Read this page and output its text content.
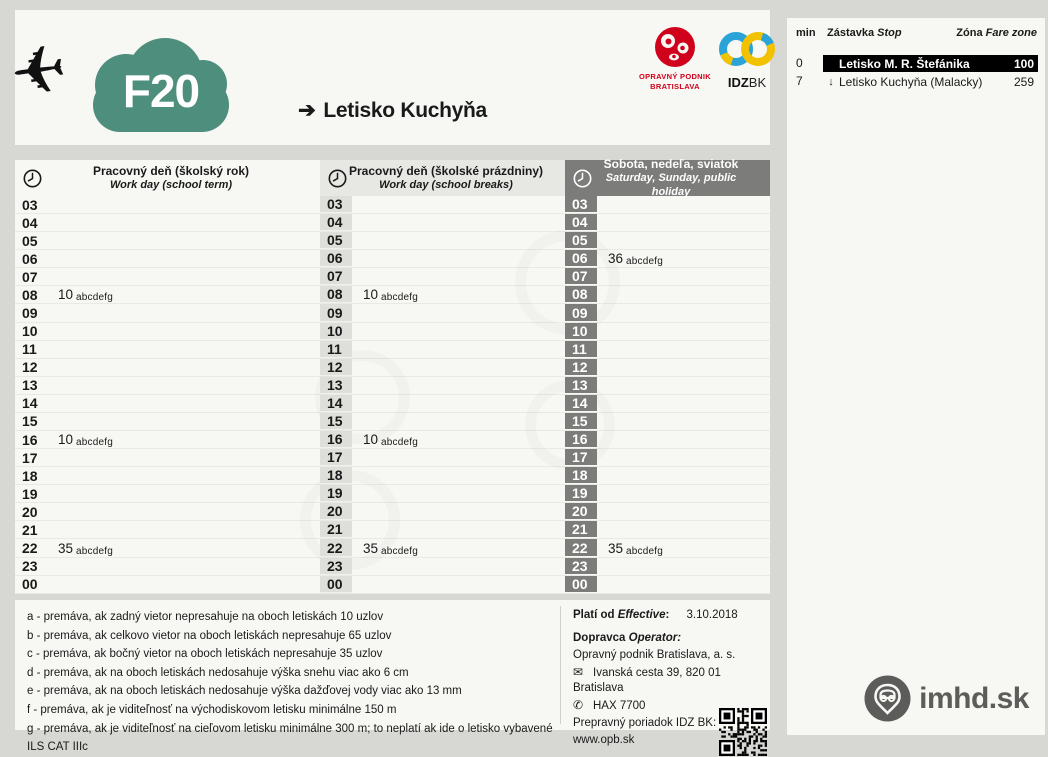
✈	F20	➔ Letisko Kuchyňa
OPRAVNÝ PODNIK
BRATISLAVA	IDZBK
Pracovný deň (školský rok)
Work day (school term)
03
04
05
06
07
08	10 abcdefg
09
10
11
12
13
14
15
16	10 abcdefg
17
18
19
20
21
22	35 abcdefg
23
00
Pracovný deň (školské prázdniny)
Work day (school breaks)
03
04
05
06
07
08	10 abcdefg
09
10
11
12
13
14
15
16	10 abcdefg
17
18
19
20
21
22	35 abcdefg
23
00
Sobota, nedeľa, sviatok
Saturday, Sunday, public holiday
03
04
05
06	36 abcdefg
07
08
09
10
11
12
13
14
15
16
17
18
19
20
21
22	35 abcdefg
23
00
a - premáva, ak zadný vietor nepresahuje na oboch letiskách 10 uzlov
b - premáva, ak celkovo vietor na oboch letiskách nepresahuje 65 uzlov
c - premáva, ak bočný vietor na oboch letiskách nepresahuje 35 uzlov
d - premáva, ak na oboch letiskách nedosahuje výška snehu viac ako 6 cm
e - premáva, ak na oboch letiskách nedosahuje výška dažďovej vody viac ako 13 mm
f - premáva, ak je viditeľnosť na východiskovom letisku minimálne 150 m
g - premáva, ak je viditeľnosť na cieľovom letisku minimálne 300 m; to neplatí ak ide o letisko vybavené ILS CAT IIIc
Platí od Effective: 3.10.2018
Dopravca Operator:
Opravný podnik Bratislava, a. s.
✉ Ivanská cesta 39, 820 01 Bratislava
✆ HAX 7700
Prepravný poriadok IDZ BK:
www.opb.sk
min Zástavka Stop	Zóna Fare zone
0	Letisko M. R. Štefánika	100
7	↓ Letisko Kuchyňa (Malacky)	259
imhd.sk
